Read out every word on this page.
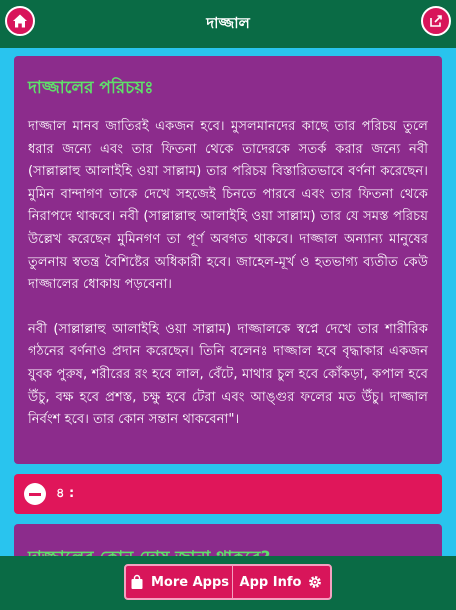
দাজ্জাল
দাজ্জালের পরিচয়ঃ

দাজ্জাল মানব জাতিরই একজন হবে। মুসলমানদের কাছে তার পরিচয় তুলে ধরার জন্যে এবং তার ফিতনা থেকে তাদেরকে সতর্ক করার জন্যে নবী (সাল্লাল্লাহু আলাইহি ওয়া সাল্লাম) তার পরিচয় বিস্তারিতভাবে বর্ণনা করেছেন। মুমিন বান্দাগণ তাকে দেখে সহজেই চিনতে পারবে এবং তার ফিতনা থেকে নিরাপদে থাকবে। নবী (সাল্লাল্লাহু আলাইহি ওয়া সাল্লাম) তার যে সমস্ত পরিচয় উল্লেখ করেছেন মুমিনগণ তা পূর্ণ অবগত থাকবে। দাজ্জাল অন্যান্য মানুষের তুলনায় স্বতন্ত্র বৈশিষ্টের অধিকারী হবে। জাহেল-মূর্খ ও হতভাগ্য ব্যতীত কেউ দাজ্জালের ধোকায় পড়বেনা।

নবী (সাল্লাল্লাহু আলাইহি ওয়া সাল্লাম) দাজ্জালকে স্বপ্নে দেখে তার শারীরিক গঠনের বর্ণনাও প্রদান করেছেন। তিনি বলেনঃ দাজ্জাল হবে বৃদ্ধাকার একজন যুবক পুরুষ, শরীরের রং হবে লাল, বেঁটে, মাথার চুল হবে কোঁকড়া, কপাল হবে উঁচু, বক্ষ হবে প্রশস্ত, চক্ষু হবে টেরা এবং আঙ্গুর ফলের মত উঁচু। দাজ্জাল নির্বংশ হবে। তার কোন সন্তান থাকবেনা"।

৪ :
More Apps App Info
